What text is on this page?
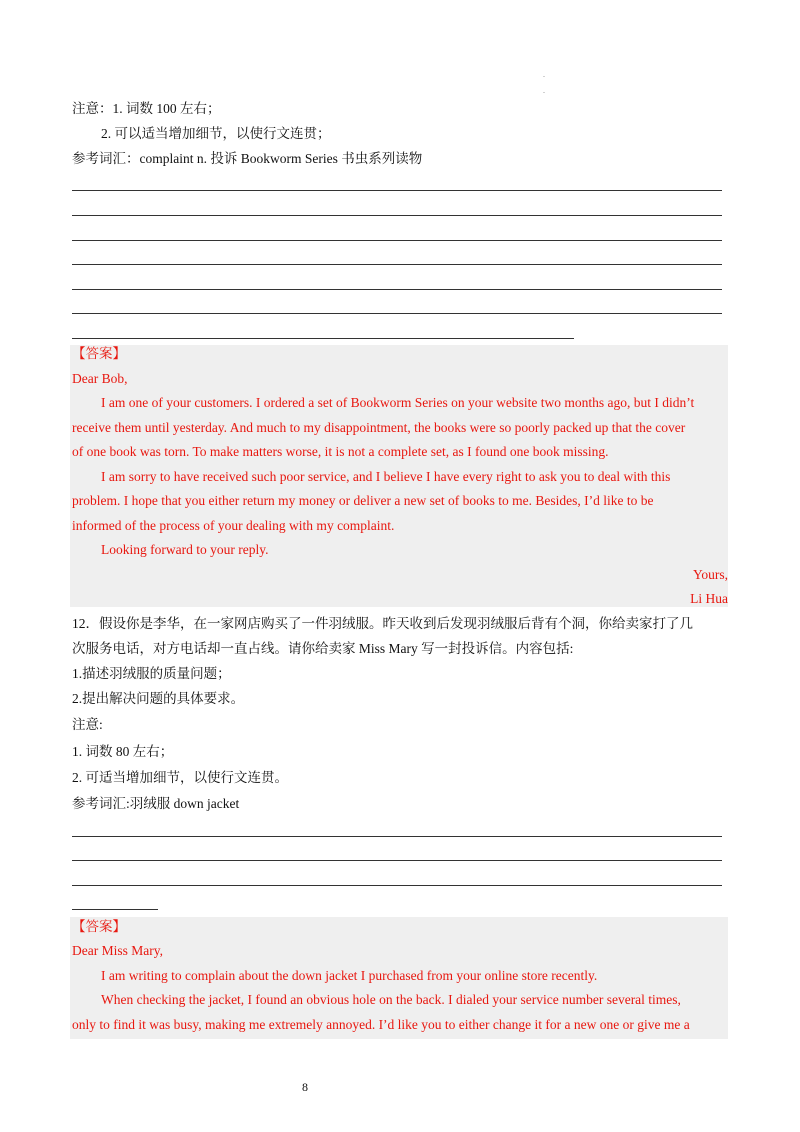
.
.
注意：1. 词数 100 左右；
2. 可以适当增加细节，以使行文连贯；
参考词汇：complaint n. 投诉 Bookworm Series 书虫系列读物
【答案】
Dear Bob,
I am one of your customers. I ordered a set of Bookworm Series on your website two months ago, but I didn’t
receive them until yesterday. And much to my disappointment, the books were so poorly packed up that the cover
of one book was torn. To make matters worse, it is not a complete set, as I found one book missing.
I am sorry to have received such poor service, and I believe I have every right to ask you to deal with this
problem. I hope that you either return my money or deliver a new set of books to me. Besides, I’d like to be
informed of the process of your dealing with my complaint.
Looking forward to your reply.
Yours,
Li Hua
12．假设你是李华，在一家网店购买了一件羽绒服。昨天收到后发现羽绒服后背有个洞，你给卖家打了几
次服务电话，对方电话却一直占线。请你给卖家 Miss Mary 写一封投诉信。内容包括:
1.描述羽绒服的质量问题；
2.提出解决问题的具体要求。
注意:
1. 词数 80 左右；
2. 可适当增加细节，以使行文连贯。
参考词汇:羽绒服 down jacket
【答案】
Dear Miss Mary,
I am writing to complain about the down jacket I purchased from your online store recently.
When checking the jacket, I found an obvious hole on the back. I dialed your service number several times,
only to find it was busy, making me extremely annoyed. I’d like you to either change it for a new one or give me a
8
